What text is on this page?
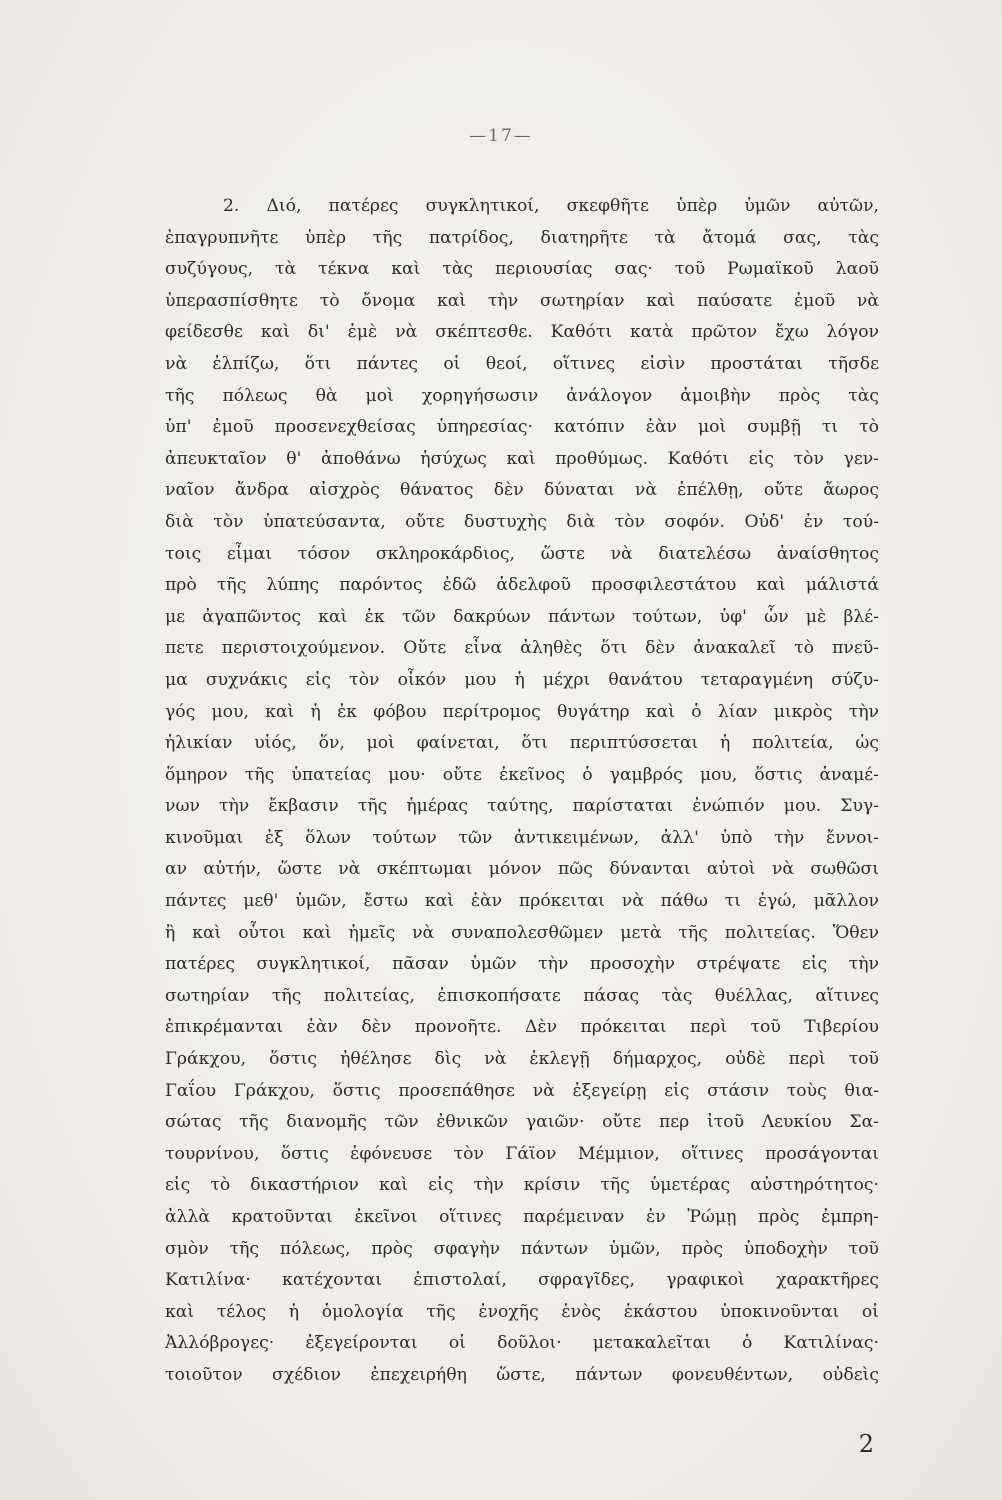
—17—
2. Διό, πατέρες συγκλητικοί, σκεφθῆτε ὑπὲρ ὑμῶν αὐτῶν,
ἐπαγρυπνῆτε ὑπὲρ τῆς πατρίδος, διατηρῆτε τὰ ἄτομά σας, τὰς
συζύγους, τὰ τέκνα καὶ τὰς περιουσίας σας· τοῦ Ρωμαϊκοῦ λαοῦ
ὑπερασπίσθητε τὸ ὄνομα καὶ τὴν σωτηρίαν καὶ παύσατε ἐμοῦ νὰ
φείδεσθε καὶ δι' ἐμὲ νὰ σκέπτεσθε. Καθότι κατὰ πρῶτον ἔχω λόγον
νὰ ἐλπίζω, ὅτι πάντες οἱ θεοί, οἵτινες εἰσὶν προστάται τῆσδε
τῆς πόλεως θὰ μοὶ χορηγήσωσιν ἀνάλογον ἀμοιβὴν πρὸς τὰς
ὑπ' ἐμοῦ προσενεχθείσας ὑπηρεσίας· κατόπιν ἐὰν μοὶ συμβῇ τι τὸ
ἀπευκταῖον θ' ἀποθάνω ἡσύχως καὶ προθύμως. Καθότι εἰς τὸν γεν-
ναῖον ἄνδρα αἰσχρὸς θάνατος δὲν δύναται νὰ ἐπέλθῃ, οὔτε ἄωρος
διὰ τὸν ὑπατεύσαντα, οὔτε δυστυχὴς διὰ τὸν σοφόν. Οὐδ' ἐν τού-
τοις εἶμαι τόσον σκληροκάρδιος, ὥστε νὰ διατελέσω ἀναίσθητος
πρὸ τῆς λύπης παρόντος ἐδῶ ἀδελφοῦ προσφιλεστάτου καὶ μάλιστά
με ἀγαπῶντος καὶ ἐκ τῶν δακρύων πάντων τούτων, ὑφ' ὧν μὲ βλέ-
πετε περιστοιχούμενον. Οὔτε εἶνα ἀληθὲς ὅτι δὲν ἀνακαλεῖ τὸ πνεῦ-
μα συχνάκις εἰς τὸν οἶκόν μου ἡ μέχρι θανάτου τεταραγμένη σύζυ-
γός μου, καὶ ἡ ἐκ φόβου περίτρομος θυγάτηρ καὶ ὁ λίαν μικρὸς τὴν
ἡλικίαν υἱός, ὅν, μοὶ φαίνεται, ὅτι περιπτύσσεται ἡ πολιτεία, ὡς
ὅμηρον τῆς ὑπατείας μου· οὔτε ἐκεῖνος ὁ γαμβρός μου, ὅστις ἀναμέ-
νων τὴν ἔκβασιν τῆς ἡμέρας ταύτης, παρίσταται ἐνώπιόν μου. Συγ-
κινοῦμαι ἐξ ὅλων τούτων τῶν ἀντικειμένων, ἀλλ' ὑπὸ τὴν ἔννοι-
αν αὐτήν, ὥστε νὰ σκέπτωμαι μόνον πῶς δύνανται αὐτοὶ νὰ σωθῶσι
πάντες μεθ' ὑμῶν, ἔστω καὶ ἐὰν πρόκειται νὰ πάθω τι ἐγώ, μᾶλλον
ἢ καὶ οὗτοι καὶ ἡμεῖς νὰ συναπολεσθῶμεν μετὰ τῆς πολιτείας. Ὅθεν
πατέρες συγκλητικοί, πᾶσαν ὑμῶν τὴν προσοχὴν στρέψατε εἰς τὴν
σωτηρίαν τῆς πολιτείας, ἐπισκοπήσατε πάσας τὰς θυέλλας, αἵτινες
ἐπικρέμανται ἐὰν δὲν προνοῆτε. Δὲν πρόκειται περὶ τοῦ Τιβερίου
Γράκχου, ὅστις ἠθέλησε δὶς νὰ ἐκλεγῇ δήμαρχος, οὐδὲ περὶ τοῦ
Γαΐου Γράκχου, ὅστις προσεπάθησε νὰ ἐξεγείρῃ εἰς στάσιν τοὺς θια-
σώτας τῆς διανομῆς τῶν ἐθνικῶν γαιῶν· οὔτε περ ἰτοῦ Λευκίου Σα-
τουρνίνου, ὅστις ἐφόνευσε τὸν Γάϊον Μέμμιον, οἵτινες προσάγονται
εἰς τὸ δικαστήριον καὶ εἰς τὴν κρίσιν τῆς ὑμετέρας αὐστηρότητος·
ἀλλὰ κρατοῦνται ἐκεῖνοι οἵτινες παρέμειναν ἐν Ῥώμῃ πρὸς ἐμπρη-
σμὸν τῆς πόλεως, πρὸς σφαγὴν πάντων ὑμῶν, πρὸς ὑποδοχὴν τοῦ
Κατιλίνα· κατέχονται ἐπιστολαί, σφραγῖδες, γραφικοὶ χαρακτῆρες
καὶ τέλος ἡ ὁμολογία τῆς ἐνοχῆς ἑνὸς ἑκάστου ὑποκινοῦνται οἱ
Ἀλλόβρογες· ἐξεγείρονται οἱ δοῦλοι· μετακαλεῖται ὁ Κατιλίνας·
τοιοῦτον σχέδιον ἐπεχειρήθη ὥστε, πάντων φονευθέντων, οὐδεὶς
2
